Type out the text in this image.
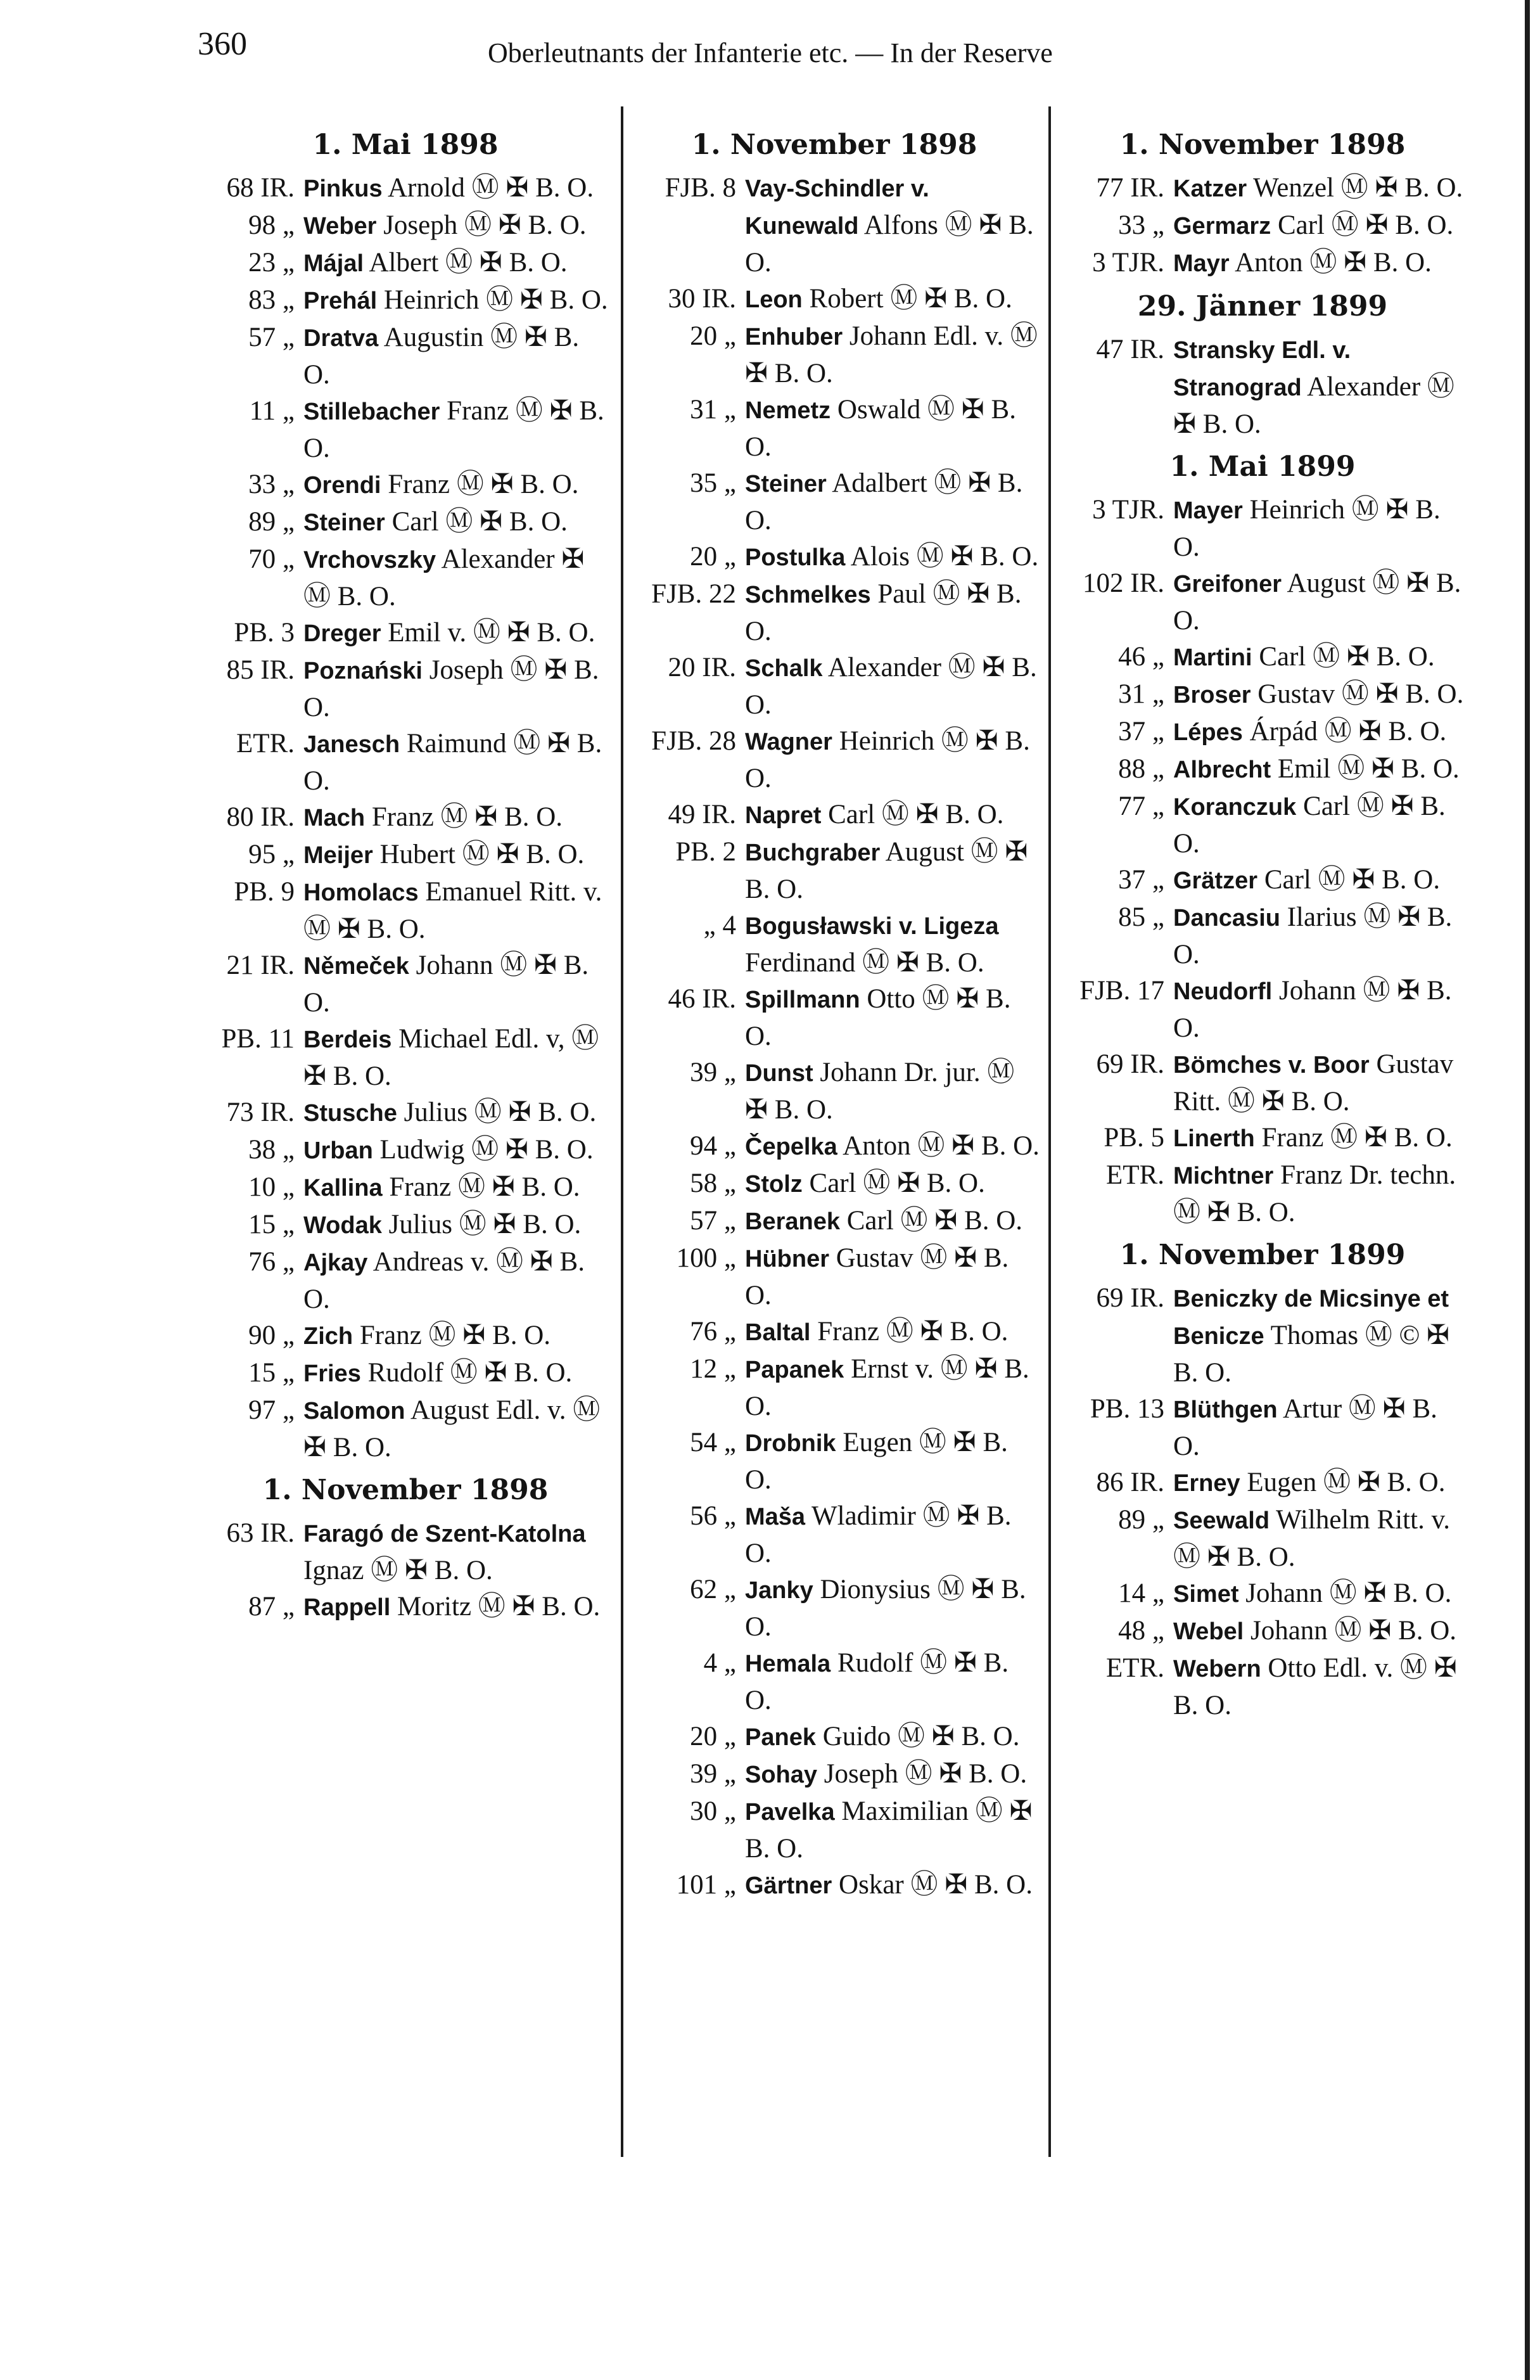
360	Oberleutnants der Infanterie etc. — In der Reserve
1. Mai 1898
68 IR. Pinkus Arnold Ⓜ ✠ B. O.
98 „ Weber Joseph Ⓜ ✠ B. O.
23 „ Májal Albert Ⓜ ✠ B. O.
83 „ Prehál Heinrich Ⓜ ✠ B. O.
57 „ Dratva Augustin Ⓜ ✠ B. O.
11 „ Stillebacher Franz Ⓜ ✠ B. O.
33 „ Orendi Franz Ⓜ ✠ B. O.
89 „ Steiner Carl Ⓜ ✠ B. O.
70 „ Vrchovszky Alexander ✠ Ⓜ B. O.
PB. 3 Dreger Emil v. Ⓜ ✠ B. O.
85 IR. Poznański Joseph Ⓜ ✠ B. O.
ETR. Janesch Raimund Ⓜ ✠ B. O.
80 IR. Mach Franz Ⓜ ✠ B. O.
95 „ Meijer Hubert Ⓜ ✠ B. O.
PB. 9 Homolacs Emanuel Ritt. v. Ⓜ ✠ B. O.
21 IR. Němeček Johann Ⓜ ✠ B. O.
PB. 11 Berdeis Michael Edl. v, Ⓜ ✠ B. O.
73 IR. Stusche Julius Ⓜ ✠ B. O.
38 „ Urban Ludwig Ⓜ ✠ B. O.
10 „ Kallina Franz Ⓜ ✠ B. O.
15 „ Wodak Julius Ⓜ ✠ B. O.
76 „ Ajkay Andreas v. Ⓜ ✠ B. O.
90 „ Zich Franz Ⓜ ✠ B. O.
15 „ Fries Rudolf Ⓜ ✠ B. O.
97 „ Salomon August Edl. v. Ⓜ ✠ B. O.
1. November 1898
63 IR. Faragó de Szent-Katolna Ignaz Ⓜ ✠ B. O.
87 „ Rappell Moritz Ⓜ ✠ B. O.
1. November 1898
FJB. 8 Vay-Schindler v. Kunewald Alfons Ⓜ ✠ B. O.
30 IR. Leon Robert Ⓜ ✠ B. O.
20 „ Enhuber Johann Edl. v. Ⓜ ✠ B. O.
31 „ Nemetz Oswald Ⓜ ✠ B. O.
35 „ Steiner Adalbert Ⓜ ✠ B. O.
20 „ Postulka Alois Ⓜ ✠ B. O.
FJB. 22 Schmelkes Paul Ⓜ ✠ B. O.
20 IR. Schalk Alexander Ⓜ ✠ B. O.
FJB. 28 Wagner Heinrich Ⓜ ✠ B. O.
49 IR. Napret Carl Ⓜ ✠ B. O.
PB. 2 Buchgraber August Ⓜ ✠ B. O.
„ 4 Bogusławski v. Ligeza Ferdinand Ⓜ ✠ B. O.
46 IR. Spillmann Otto Ⓜ ✠ B. O.
39 „ Dunst Johann Dr. jur. Ⓜ ✠ B. O.
94 „ Čepelka Anton Ⓜ ✠ B. O.
58 „ Stolz Carl Ⓜ ✠ B. O.
57 „ Beranek Carl Ⓜ ✠ B. O.
100 „ Hübner Gustav Ⓜ ✠ B. O.
76 „ Baltal Franz Ⓜ ✠ B. O.
12 „ Papanek Ernst v. Ⓜ ✠ B. O.
54 „ Drobnik Eugen Ⓜ ✠ B. O.
56 „ Maša Wladimir Ⓜ ✠ B. O.
62 „ Janky Dionysius Ⓜ ✠ B. O.
4 „ Hemala Rudolf Ⓜ ✠ B. O.
20 „ Panek Guido Ⓜ ✠ B. O.
39 „ Sohay Joseph Ⓜ ✠ B. O.
30 „ Pavelka Maximilian Ⓜ ✠ B. O.
101 „ Gärtner Oskar Ⓜ ✠ B. O.
1. November 1898
77 IR. Katzer Wenzel Ⓜ ✠ B. O.
33 „ Germarz Carl Ⓜ ✠ B. O.
3 TJR. Mayr Anton Ⓜ ✠ B. O.
29. Jänner 1899
47 IR. Stransky Edl. v. Stranograd Alexander Ⓜ ✠ B. O.
1. Mai 1899
3 TJR. Mayer Heinrich Ⓜ ✠ B. O.
102 IR. Greifoner August Ⓜ ✠ B. O.
46 „ Martini Carl Ⓜ ✠ B. O.
31 „ Broser Gustav Ⓜ ✠ B. O.
37 „ Lépes Árpád Ⓜ ✠ B. O.
88 „ Albrecht Emil Ⓜ ✠ B. O.
77 „ Koranczuk Carl Ⓜ ✠ B. O.
37 „ Grätzer Carl Ⓜ ✠ B. O.
85 „ Dancasiu Ilarius Ⓜ ✠ B. O.
FJB. 17 Neudorfl Johann Ⓜ ✠ B. O.
69 IR. Bömches v. Boor Gustav Ritt. Ⓜ ✠ B. O.
PB. 5 Linerth Franz Ⓜ ✠ B. O.
ETR. Michtner Franz Dr. techn. Ⓜ ✠ B. O.
1. November 1899
69 IR. Beniczky de Micsinye et Benicze Thomas Ⓜ © ✠ B. O.
PB. 13 Blüthgen Artur Ⓜ ✠ B. O.
86 IR. Erney Eugen Ⓜ ✠ B. O.
89 „ Seewald Wilhelm Ritt. v. Ⓜ ✠ B. O.
14 „ Simet Johann Ⓜ ✠ B. O.
48 „ Webel Johann Ⓜ ✠ B. O.
ETR. Webern Otto Edl. v. Ⓜ ✠ B. O.
